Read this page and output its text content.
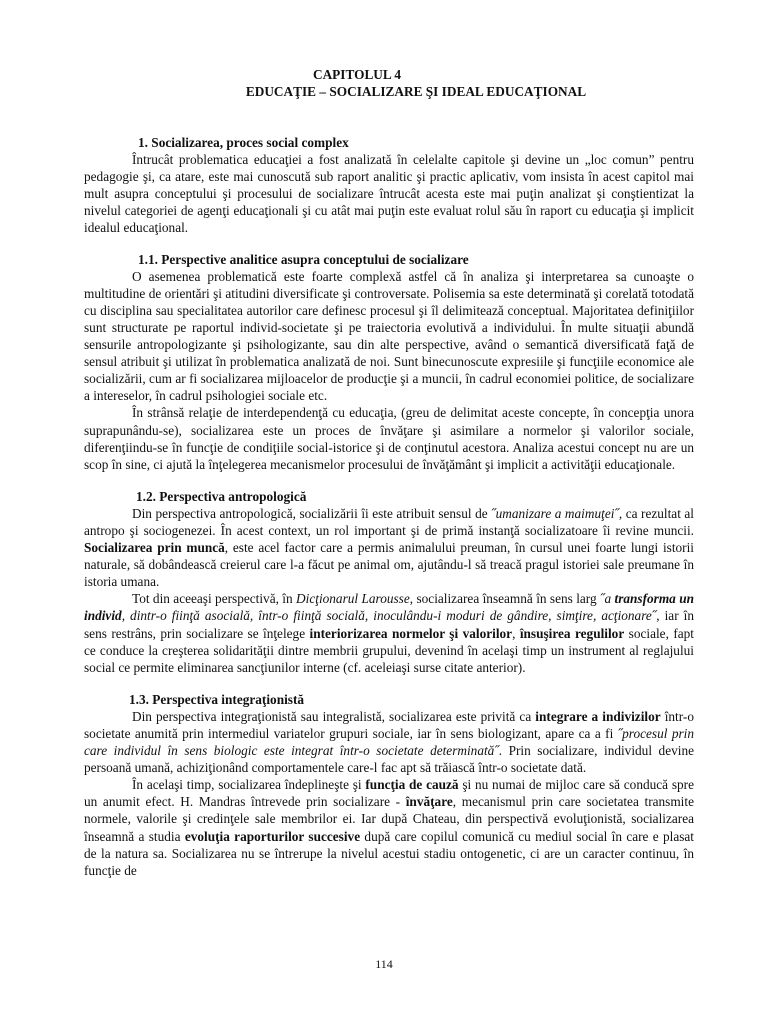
CAPITOLUL 4
EDUCAŢIE – SOCIALIZARE ŞI IDEAL EDUCAŢIONAL

1. Socializarea, proces social complex

Întrucât problematica educaţiei a fost analizată în celelalte capitole şi devine un „loc comun” pentru pedagogie şi, ca atare, este mai cunoscută sub raport analitic şi practic aplicativ, vom insista în acest capitol mai mult asupra conceptului şi procesului de socializare întrucât acesta este mai puţin analizat şi conştientizat la nivelul categoriei de agenţi educaţionali şi cu atât mai puţin este evaluat rolul său în raport cu educaţia şi implicit idealul educaţional.

1.1. Perspective analitice asupra conceptului de socializare

O asemenea problematică este foarte complexă astfel că în analiza şi interpretarea sa cunoaşte o multitudine de orientări şi atitudini diversificate şi controversate. Polisemia sa este determinată şi corelată totodată cu disciplina sau specialitatea autorilor care definesc procesul şi îl delimitează conceptual. Majoritatea definiţiilor sunt structurate pe raportul individ-societate şi pe traiectoria evolutivă a individului. În multe situaţii abundă sensurile antropologizante şi psihologizante, sau din alte perspective, având o semantică diversificată faţă de sensul atribuit şi utilizat în problematica analizată de noi. Sunt binecunoscute expresiile şi funcţiile economice ale socializării, cum ar fi socializarea mijloacelor de producţie şi a muncii, în cadrul economiei politice, de socializare a intereselor, în cadrul psihologiei sociale etc.

În strânsă relaţie de interdependenţă cu educaţia, (greu de delimitat aceste concepte, în concepţia unora suprapunându-se), socializarea este un proces de învăţare şi asimilare a normelor şi valorilor sociale, diferenţiindu-se în funcţie de condiţiile social-istorice şi de conţinutul acestora. Analiza acestui concept nu are un scop în sine, ci ajută la înţelegerea mecanismelor procesului de învăţământ şi implicit a activităţii educaţionale.

1.2. Perspectiva antropologică

Din perspectiva antropologică, socializării îi este atribuit sensul de ˝umanizare a maimuţei˝, ca rezultat al antropo şi sociogenezei. În acest context, un rol important şi de primă instanţă socializatoare îi revine muncii. Socializarea prin muncă, este acel factor care a permis animalului preuman, în cursul unei foarte lungi istorii naturale, să dobândească creierul care l-a făcut pe animal om, ajutându-l să treacă pragul istoriei sale preumane în istoria umana.

Tot din aceeaşi perspectivă, în Dicţionarul Larousse, socializarea înseamnă în sens larg ˝a transforma un individ, dintr-o fiinţă asocială, într-o fiinţă socială, inoculându-i moduri de gândire, simţire, acţionare˝, iar în sens restrâns, prin socializare se înţelege interiorizarea normelor şi valorilor, însuşirea regulilor sociale, fapt ce conduce la creşterea solidarităţii dintre membrii grupului, devenind în acelaşi timp un instrument al reglajului social ce permite eliminarea sancţiunilor interne (cf. aceleiaşi surse citate anterior).

1.3. Perspectiva integraţionistă

Din perspectiva integraţionistă sau integralistă, socializarea este privită ca integrare a indivizilor într-o societate anumită prin intermediul variatelor grupuri sociale, iar în sens biologizant, apare ca a fi ˝procesul prin care individul în sens biologic este integrat într-o societate determinată˝. Prin socializare, individul devine persoană umană, achiziţionând comportamentele care-l fac apt să trăiască într-o societate dată.

În acelaşi timp, socializarea îndeplineşte şi funcţia de cauză şi nu numai de mijloc care să conducă spre un anumit efect. H. Mandras întrevede prin socializare - învăţare, mecanismul prin care societatea transmite normele, valorile şi credinţele sale membrilor ei. Iar după Chateau, din perspectivă evoluţionistă, socializarea înseamnă a studia evoluţia raporturilor succesive după care copilul comunică cu mediul social în care e plasat de la natura sa. Socializarea nu se întrerupe la nivelul acestui stadiu ontogenetic, ci are un caracter continuu, în funcţie de

114
